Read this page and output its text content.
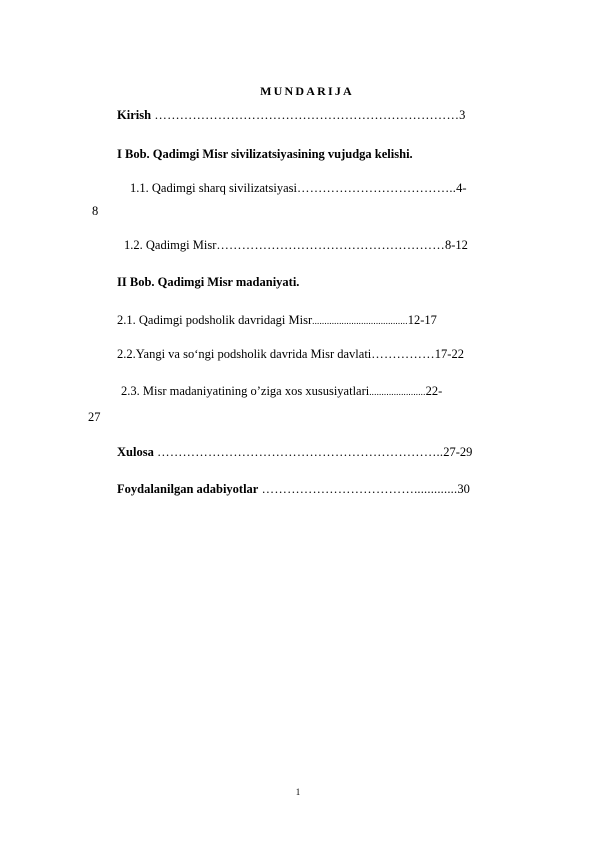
MUNDARIJA
Kirish ………………………………………………………………3
I Bob. Qadimgi Misr sivilizatsiyasining vujudga kelishi.
1.1. Qadimgi sharq sivilizatsiyasi………………………………..4-
8
1.2. Qadimgi Misr………………………………………………8-12
II Bob. Qadimgi Misr madaniyati.
2.1. Qadimgi podsholik davridagi Misr.......................................12-17
2.2.Yangi va so‘ngi podsholik davrida Misr davlati……………17-22
2.3. Misr madaniyatining o’ziga xos xususiyatlari.......................22-
27
Xulosa …………………………………………………………..27-29
Foydalanilgan adabiyotlar ……………………………….............30
1
